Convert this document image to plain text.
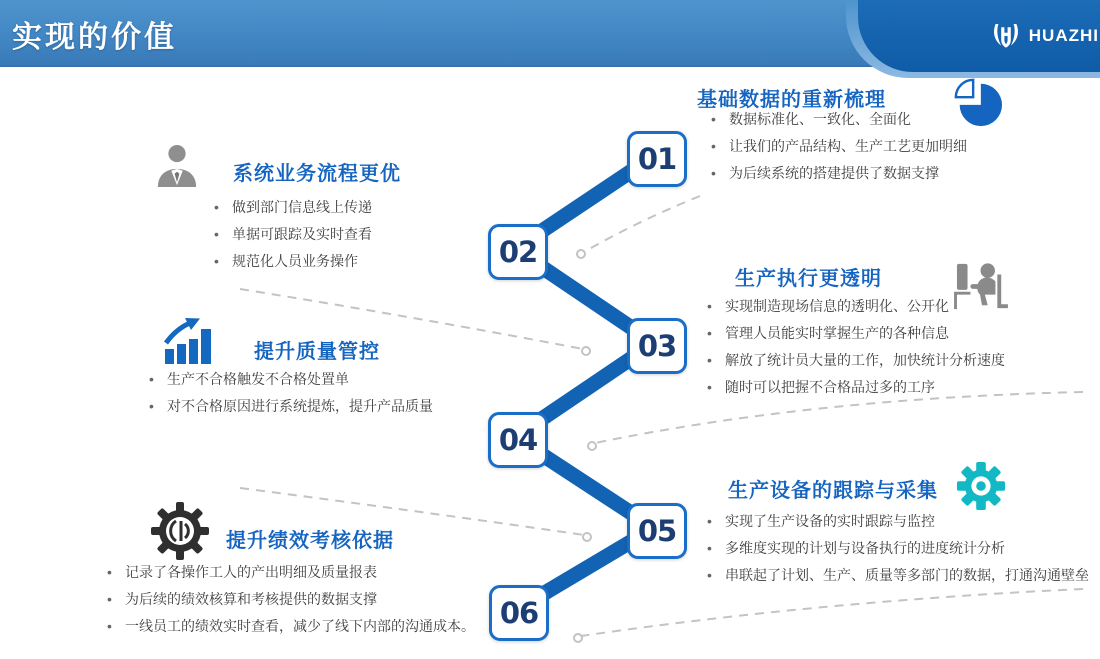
实现的价值	HUAZHI
01
02
03
04
05
06
系统业务流程更优
• 做到部门信息线上传递
• 单据可跟踪及实时查看
• 规范化人员业务操作
基础数据的重新梳理
• 数据标准化、一致化、全面化
• 让我们的产品结构、生产工艺更加明细
• 为后续系统的搭建提供了数据支撑
提升质量管控
• 生产不合格触发不合格处置单
• 对不合格原因进行系统提炼，提升产品质量
生产执行更透明
• 实现制造现场信息的透明化、公开化
• 管理人员能实时掌握生产的各种信息
• 解放了统计员大量的工作，加快统计分析速度
• 随时可以把握不合格品过多的工序
提升绩效考核依据
• 记录了各操作工人的产出明细及质量报表
• 为后续的绩效核算和考核提供的数据支撑
• 一线员工的绩效实时查看，减少了线下内部的沟通成本。
生产设备的跟踪与采集
• 实现了生产设备的实时跟踪与监控
• 多维度实现的计划与设备执行的进度统计分析
• 串联起了计划、生产、质量等多部门的数据，打通沟通壁垒
